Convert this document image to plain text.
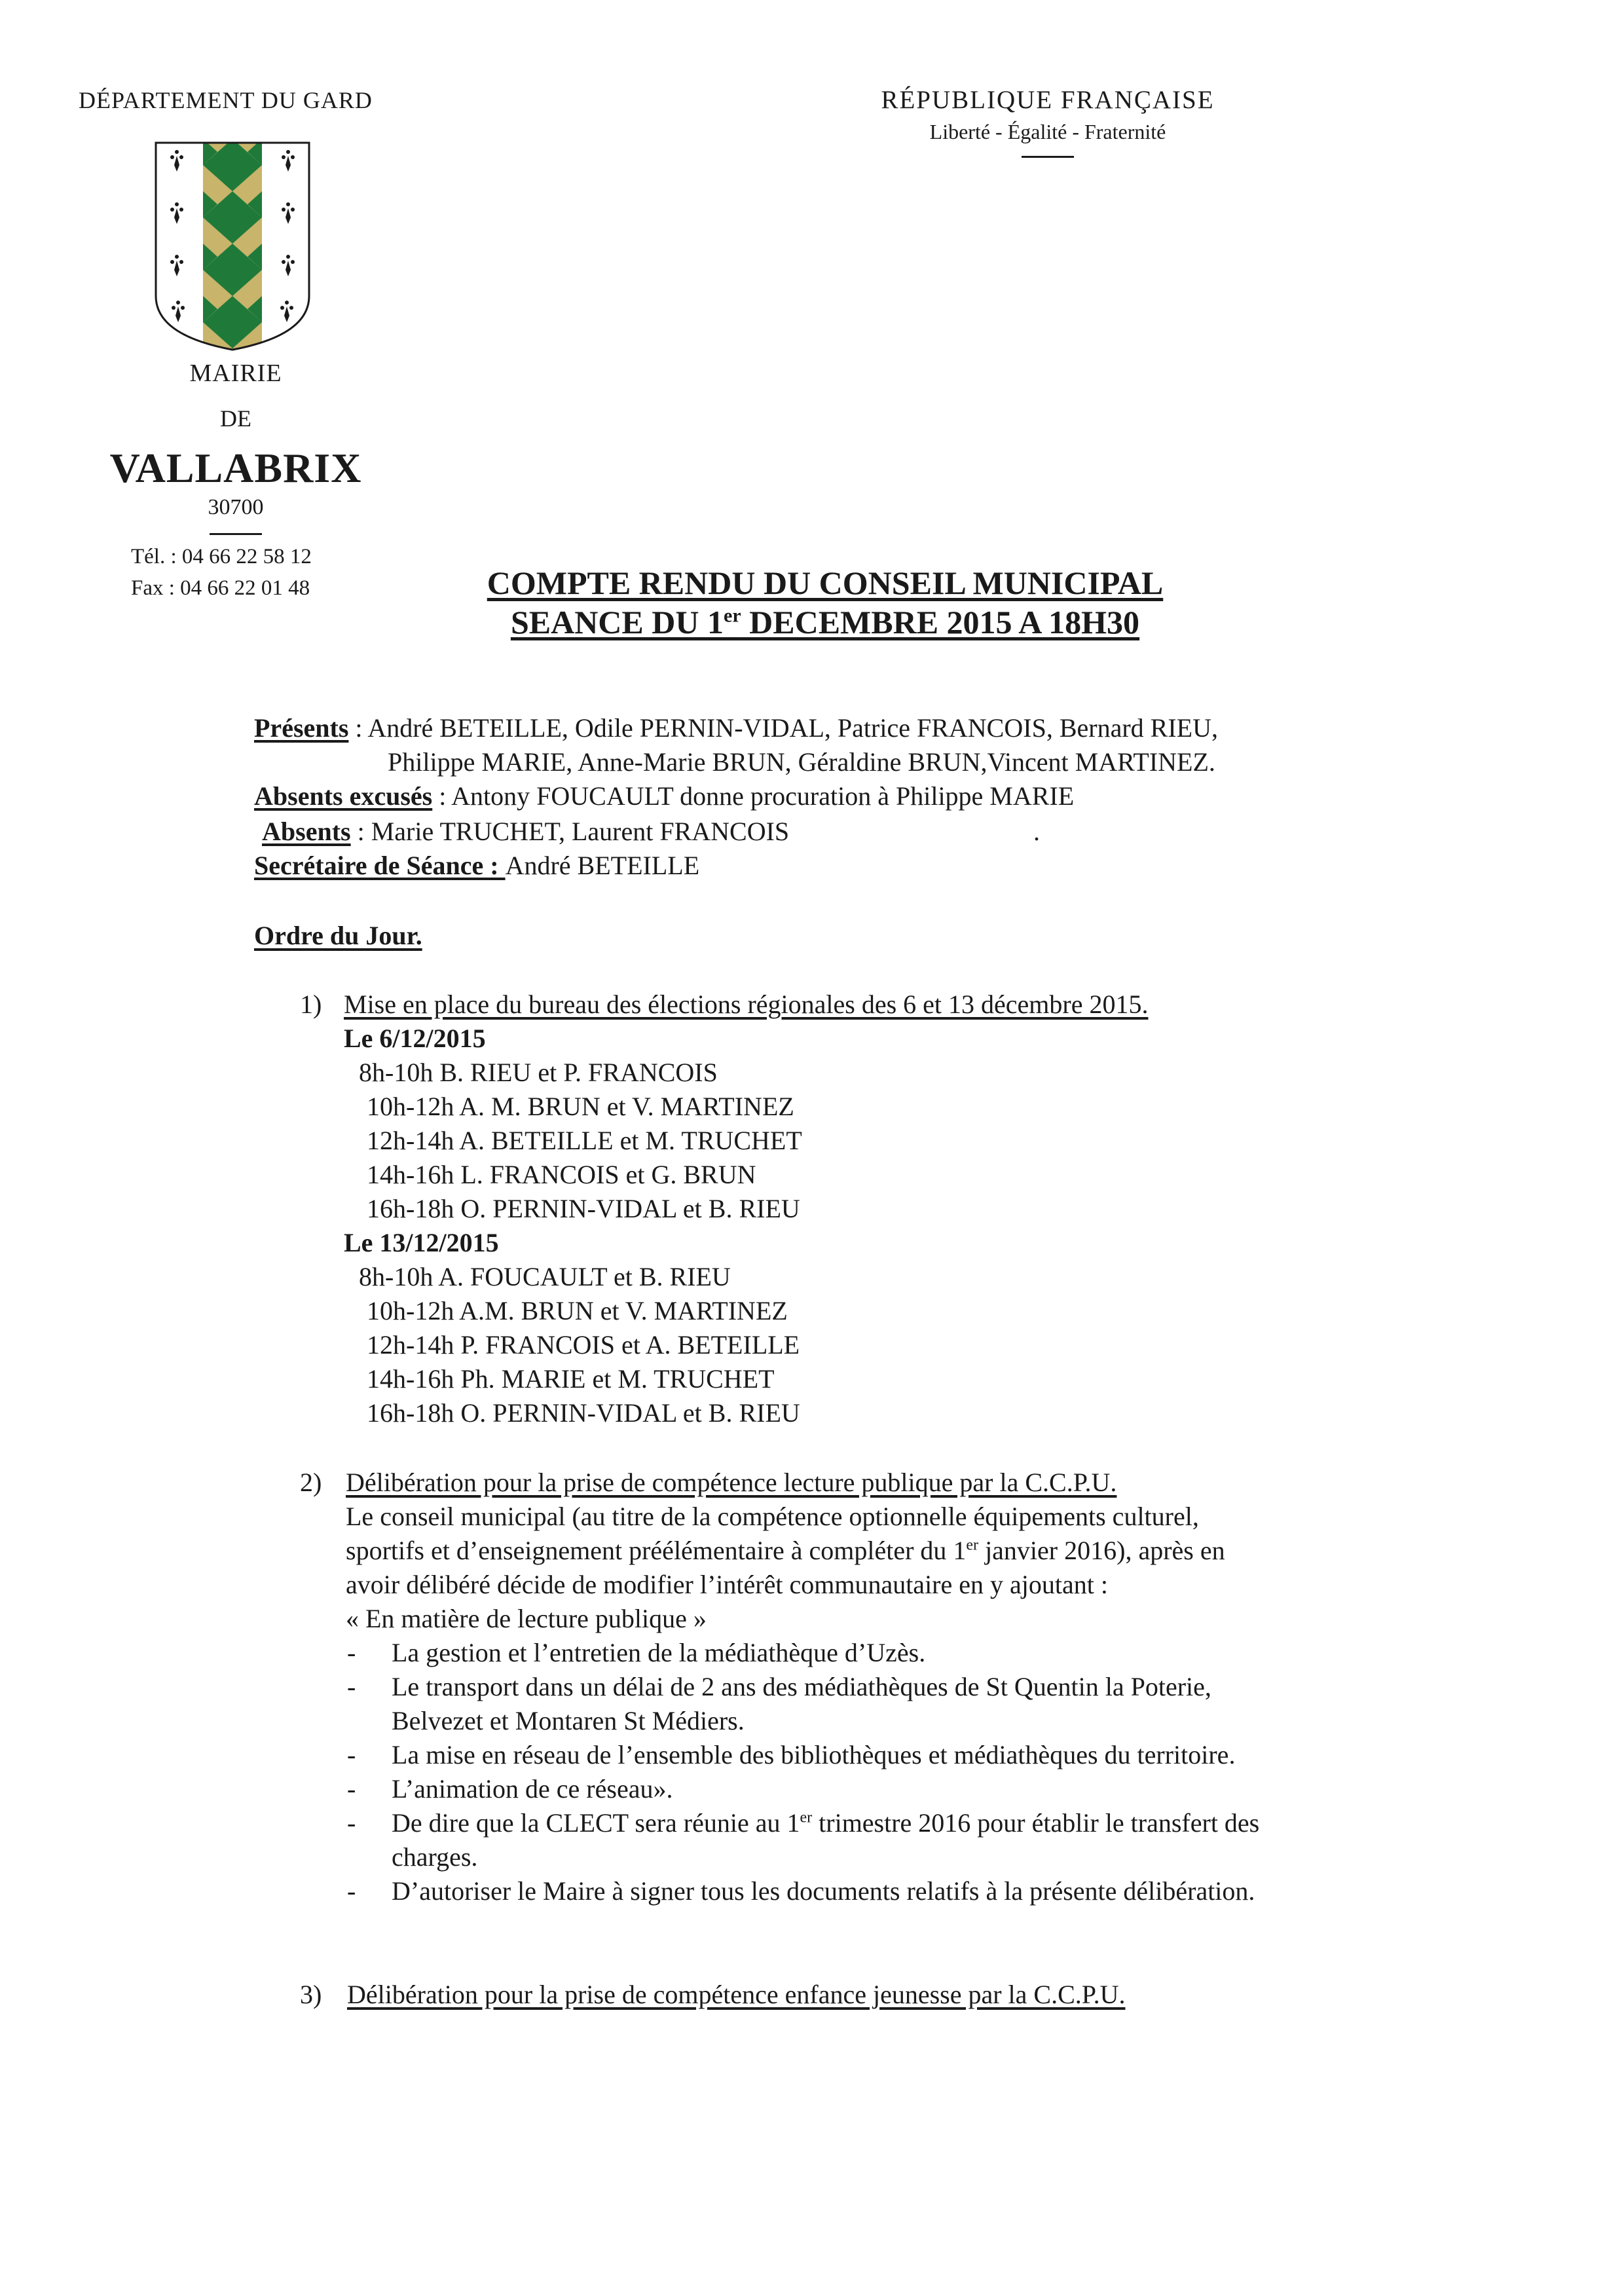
DÉPARTEMENT DU GARD	RÉPUBLIQUE FRANÇAISE
Liberté - Égalité - Fraternité
MAIRIE
DE
VALLABRIX
30700
Tél. : 04 66 22 58 12
Fax : 04 66 22 01 48	COMPTE RENDU DU CONSEIL MUNICIPAL
SEANCE DU 1er DECEMBRE 2015 A 18H30
Présents : André BETEILLE, Odile PERNIN-VIDAL, Patrice FRANCOIS, Bernard RIEU,
Philippe MARIE, Anne-Marie BRUN, Géraldine BRUN,Vincent MARTINEZ.
Absents excusés : Antony FOUCAULT donne procuration à Philippe MARIE
Absents : Marie TRUCHET, Laurent FRANCOIS	.
Secrétaire de Séance : André BETEILLE
Ordre du Jour.
1) Mise en place du bureau des élections régionales des 6 et 13 décembre 2015.
Le 6/12/2015
8h-10h B. RIEU et P. FRANCOIS
10h-12h A. M. BRUN et V. MARTINEZ
12h-14h A. BETEILLE et M. TRUCHET
14h-16h L. FRANCOIS et G. BRUN
16h-18h O. PERNIN-VIDAL et B. RIEU
Le 13/12/2015
8h-10h A. FOUCAULT et B. RIEU
10h-12h A.M. BRUN et V. MARTINEZ
12h-14h P. FRANCOIS et A. BETEILLE
14h-16h Ph. MARIE et M. TRUCHET
16h-18h O. PERNIN-VIDAL et B. RIEU
2) Délibération pour la prise de compétence lecture publique par la C.C.P.U.
Le conseil municipal (au titre de la compétence optionnelle équipements culturel,
sportifs et d’enseignement préélémentaire à compléter du 1er janvier 2016), après en
avoir délibéré décide de modifier l’intérêt communautaire en y ajoutant :
« En matière de lecture publique »
- La gestion et l’entretien de la médiathèque d’Uzès.
- Le transport dans un délai de 2 ans des médiathèques de St Quentin la Poterie,
Belvezet et Montaren St Médiers.
- La mise en réseau de l’ensemble des bibliothèques et médiathèques du territoire.
- L’animation de ce réseau».
- De dire que la CLECT sera réunie au 1er trimestre 2016 pour établir le transfert des
charges.
- D’autoriser le Maire à signer tous les documents relatifs à la présente délibération.
3) Délibération pour la prise de compétence enfance jeunesse par la C.C.P.U.
